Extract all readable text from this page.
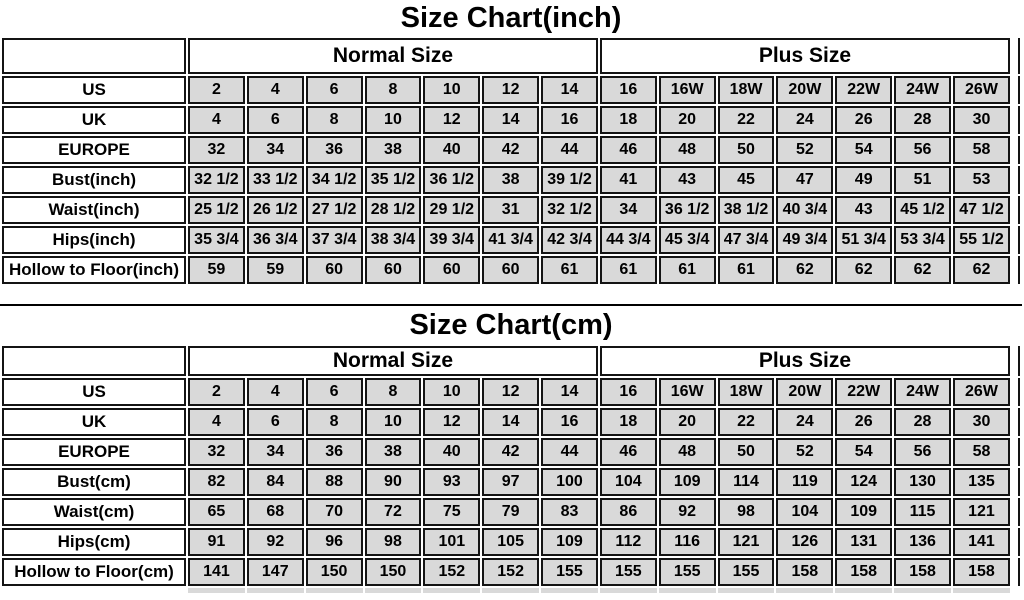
Size Chart(inch)
	Normal Size							Plus Size							
US	2	4	6	8	10	12	14	16	16W	18W	20W	22W	24W	26W	
UK	4	6	8	10	12	14	16	18	20	22	24	26	28	30	
EUROPE	32	34	36	38	40	42	44	46	48	50	52	54	56	58	
Bust(inch)	32 1/2	33 1/2	34 1/2	35 1/2	36 1/2	38	39 1/2	41	43	45	47	49	51	53	
Waist(inch)	25 1/2	26 1/2	27 1/2	28 1/2	29 1/2	31	32 1/2	34	36 1/2	38 1/2	40 3/4	43	45 1/2	47 1/2	
Hips(inch)	35 3/4	36 3/4	37 3/4	38 3/4	39 3/4	41 3/4	42 3/4	44 3/4	45 3/4	47 3/4	49 3/4	51 3/4	53 3/4	55 1/2	
Hollow to Floor(inch)	59	59	60	60	60	60	61	61	61	61	62	62	62	62	
Size Chart(cm)
	Normal Size							Plus Size							
US	2	4	6	8	10	12	14	16	16W	18W	20W	22W	24W	26W	
UK	4	6	8	10	12	14	16	18	20	22	24	26	28	30	
EUROPE	32	34	36	38	40	42	44	46	48	50	52	54	56	58	
Bust(cm)	82	84	88	90	93	97	100	104	109	114	119	124	130	135	
Waist(cm)	65	68	70	72	75	79	83	86	92	98	104	109	115	121	
Hips(cm)	91	92	96	98	101	105	109	112	116	121	126	131	136	141	
Hollow to Floor(cm)	141	147	150	150	152	152	155	155	155	155	158	158	158	158	
